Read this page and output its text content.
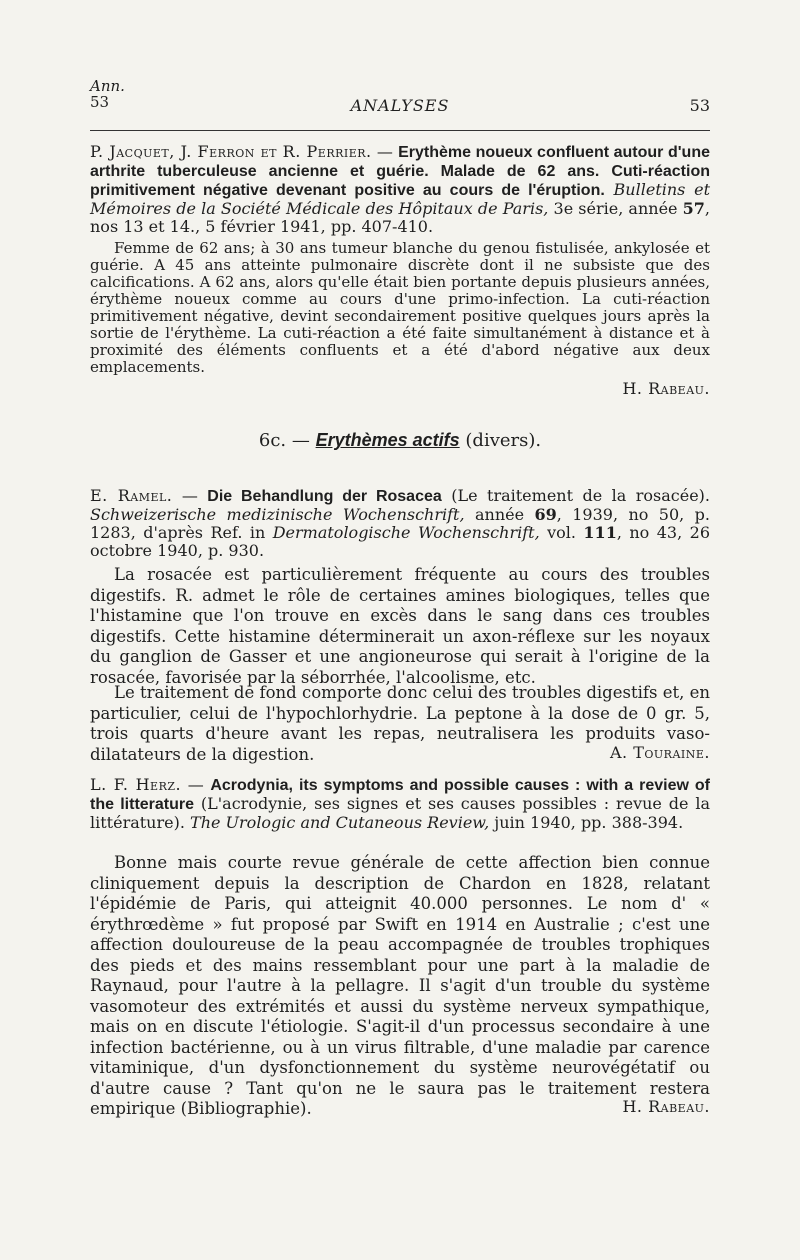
Ann.
53	ANALYSES	53
P. Jacquet, J. Ferron et R. Perrier. — Erythème noueux confluent autour d'une arthrite tuberculeuse ancienne et guérie. Malade de 62 ans. Cuti-réaction primitivement négative devenant positive au cours de l'éruption. Bulletins et Mémoires de la Société Médicale des Hôpitaux de Paris, 3e série, année 57, nos 13 et 14., 5 février 1941, pp. 407-410.
Femme de 62 ans; à 30 ans tumeur blanche du genou fistulisée, ankylosée et guérie. A 45 ans atteinte pulmonaire discrète dont il ne subsiste que des calcifications. A 62 ans, alors qu'elle était bien portante depuis plusieurs années, érythème noueux comme au cours d'une primo-infection. La cuti-réaction primitivement négative, devint secondairement positive quelques jours après la sortie de l'érythème. La cuti-réaction a été faite simultanément à distance et à proximité des éléments confluents et a été d'abord négative aux deux emplacements.
H. Rabeau.
6c. — Erythèmes actifs (divers).
E. Ramel. — Die Behandlung der Rosacea (Le traitement de la rosacée). Schweizerische medizinische Wochenschrift, année 69, 1939, no 50, p. 1283, d'après Ref. in Dermatologische Wochenschrift, vol. 111, no 43, 26 octobre 1940, p. 930.
La rosacée est particulièrement fréquente au cours des troubles digestifs. R. admet le rôle de certaines amines biologiques, telles que l'histamine que l'on trouve en excès dans le sang dans ces troubles digestifs. Cette histamine déterminerait un axon-réflexe sur les noyaux du ganglion de Gasser et une angioneurose qui serait à l'origine de la rosacée, favorisée par la séborrhée, l'alcoolisme, etc.
Le traitement de fond comporte donc celui des troubles digestifs et, en particulier, celui de l'hypochlorhydrie. La peptone à la dose de 0 gr. 5, trois quarts d'heure avant les repas, neutralisera les produits vaso-dilatateurs de la digestion.	A. Touraine.
L. F. Herz. — Acrodynia, its symptoms and possible causes : with a review of the litterature (L'acrodynie, ses signes et ses causes possibles : revue de la littérature). The Urologic and Cutaneous Review, juin 1940, pp. 388-394.
Bonne mais courte revue générale de cette affection bien connue cliniquement depuis la description de Chardon en 1828, relatant l'épidémie de Paris, qui atteignit 40.000 personnes. Le nom d' « érythrœdème » fut proposé par Swift en 1914 en Australie ; c'est une affection douloureuse de la peau accompagnée de troubles trophiques des pieds et des mains ressemblant pour une part à la maladie de Raynaud, pour l'autre à la pellagre. Il s'agit d'un trouble du système vasomoteur des extrémités et aussi du système nerveux sympathique, mais on en discute l'étiologie. S'agit-il d'un processus secondaire à une infection bactérienne, ou à un virus filtrable, d'une maladie par carence vitaminique, d'un dysfonctionnement du système neurovégétatif ou d'autre cause ? Tant qu'on ne le saura pas le traitement restera empirique (Bibliographie).	H. Rabeau.
